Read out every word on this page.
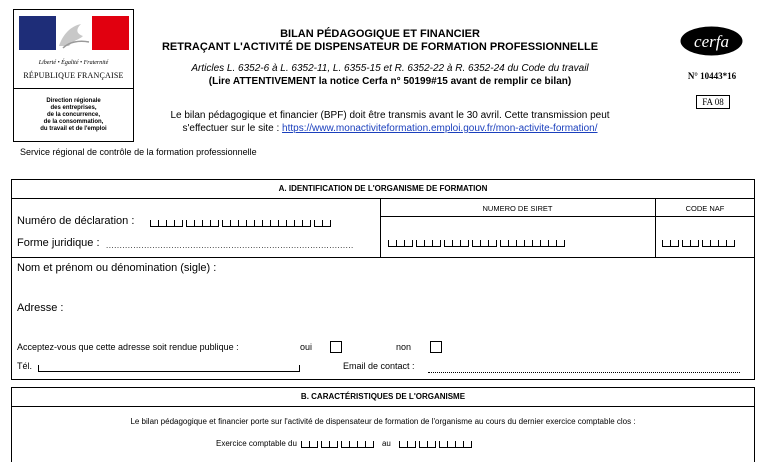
Liberté • Égalité • Fraternité
RÉPUBLIQUE FRANÇAISE
Direction régionale
des entreprises,
de la concurrence,
de la consommation,
du travail et de l'emploi
BILAN PÉDAGOGIQUE ET FINANCIER
RETRAÇANT L'ACTIVITÉ DE DISPENSATEUR DE FORMATION PROFESSIONNELLE
Articles L. 6352-6 à L. 6352-11, L. 6355-15 et R. 6352-22 à R. 6352-24 du Code du travail
(Lire ATTENTIVEMENT la notice Cerfa n° 50199#15 avant de remplir ce bilan)
Le bilan pédagogique et financier (BPF) doit être transmis avant le 30 avril. Cette transmission peut
s'effectuer sur le site : https://www.monactiviteformation.emploi.gouv.fr/mon-activite-formation/
cerfa
N° 10443*16
FA 08
Service régional de contrôle de la formation professionnelle
A. IDENTIFICATION DE L'ORGANISME DE FORMATION
NUMERO DE SIRET	CODE NAF
Numéro de déclaration :
Forme juridique : ...........................................................................................
Nom et prénom ou dénomination (sigle) :
Adresse :
Acceptez-vous que cette adresse soit rendue publique :	oui	non
Tél.	Email de contact :
B. CARACTÉRISTIQUES DE L'ORGANISME
Le bilan pédagogique et financier porte sur l'activité de dispensateur de formation de l'organisme au cours du dernier exercice comptable clos :
Exercice comptable du	au
